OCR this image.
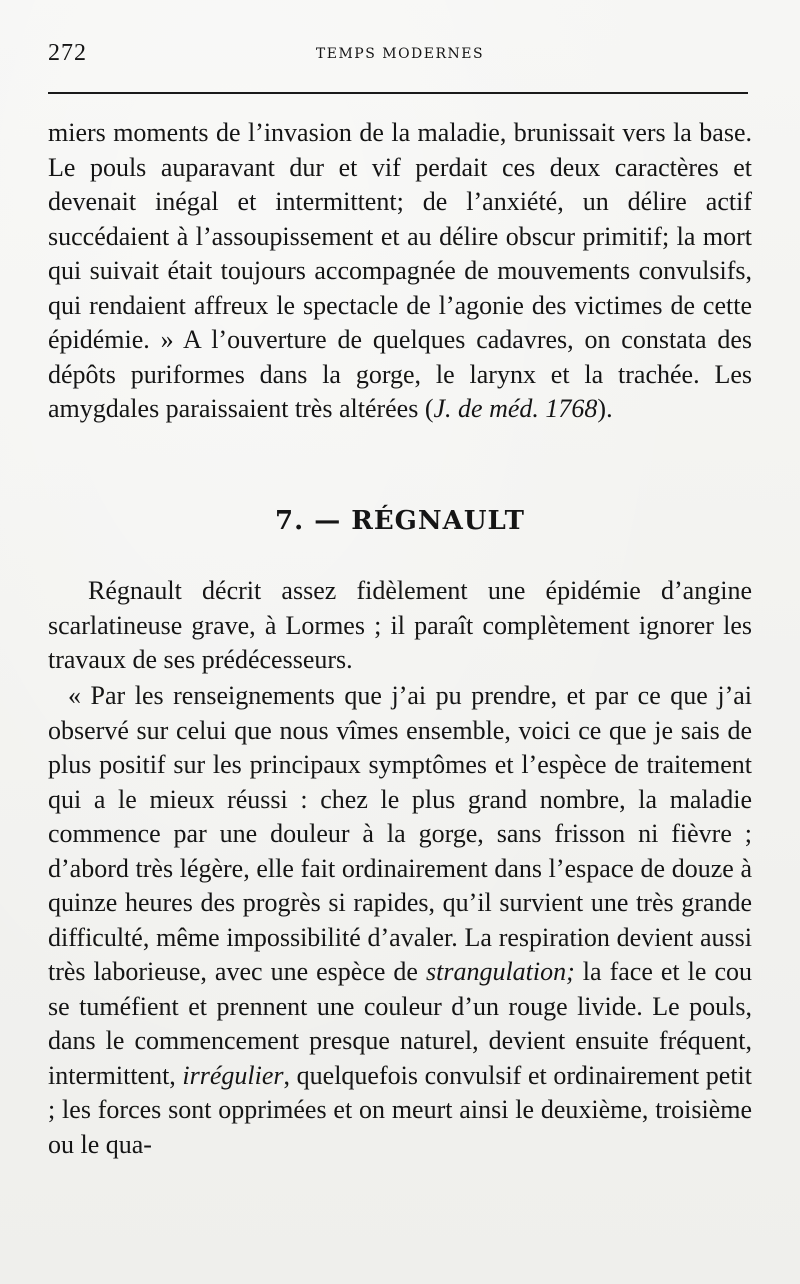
272	TEMPS MODERNES

miers moments de l’invasion de la maladie, brunissait vers la base. Le pouls auparavant dur et vif perdait ces deux caractères et devenait inégal et intermittent; de l’anxiété, un délire actif succédaient à l’assoupissement et au délire obscur primitif; la mort qui suivait était toujours accompagnée de mouvements convulsifs, qui rendaient affreux le spectacle de l’agonie des victimes de cette épidémie. » A l’ouverture de quelques cadavres, on constata des dépôts puriformes dans la gorge, le larynx et la trachée. Les amygdales paraissaient très altérées (J. de méd. 1768).

7. — RÉGNAULT

Régnault décrit assez fidèlement une épidémie d’angine scarlatineuse grave, à Lormes ; il paraît complètement ignorer les travaux de ses prédécesseurs.

« Par les renseignements que j’ai pu prendre, et par ce que j’ai observé sur celui que nous vîmes ensemble, voici ce que je sais de plus positif sur les principaux symptômes et l’espèce de traitement qui a le mieux réussi : chez le plus grand nombre, la maladie commence par une douleur à la gorge, sans frisson ni fièvre ; d’abord très légère, elle fait ordinairement dans l’espace de douze à quinze heures des progrès si rapides, qu’il survient une très grande difficulté, même impossibilité d’avaler. La respiration devient aussi très laborieuse, avec une espèce de strangulation; la face et le cou se tuméfient et prennent une couleur d’un rouge livide. Le pouls, dans le commencement presque naturel, devient ensuite fréquent, intermittent, irrégulier, quelquefois convulsif et ordinairement petit ; les forces sont opprimées et on meurt ainsi le deuxième, troisième ou le qua-
